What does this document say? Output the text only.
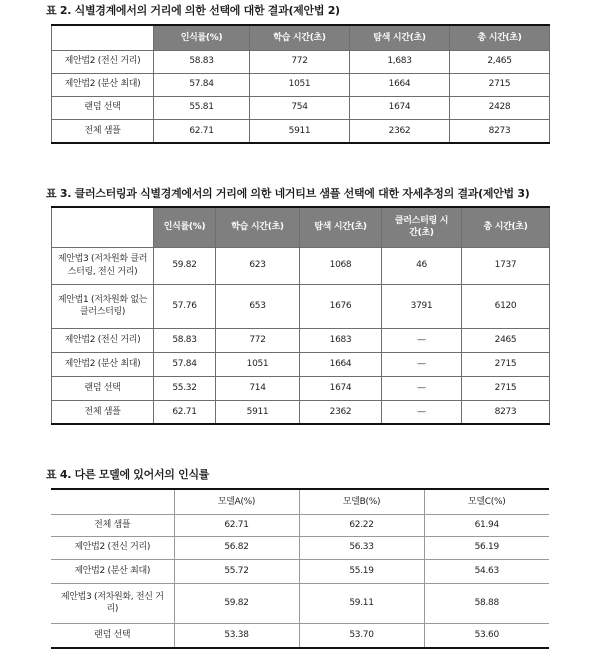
표 2. 식별경계에서의 거리에 의한 선택에 대한 결과(제안법 2)
	인식률(%)	학습 시간(초)	탐색 시간(초)	총 시간(초)
제안법2 (전신 거리)	58.83	772	1,683	2,465
제안법2 (분산 최대)	57.84	1051	1664	2715
랜덤 선택	55.81	754	1674	2428
전체 샘플	62.71	5911	2362	8273
표 3. 클러스터링과 식별경계에서의 거리에 의한 네거티브 샘플 선택에 대한 자세추정의 결과(제안법 3)
	인식률(%)	학습 시간(초)	탐색 시간(초)	클러스터링 시간(초)	총 시간(초)
제안법3 (저차원화 클러스터링, 전신 거리)	59.82	623	1068	46	1737
제안법1 (저차원화 없는 클러스터링)	57.76	653	1676	3791	6120
제안법2 (전신 거리)	58.83	772	1683	—	2465
제안법2 (분산 최대)	57.84	1051	1664	—	2715
랜덤 선택	55.32	714	1674	—	2715
전체 샘플	62.71	5911	2362	—	8273
표 4. 다른 모델에 있어서의 인식률
	모델A(%)	모델B(%)	모델C(%)
전체 샘플	62.71	62.22	61.94
제안법2 (전신 거리)	56.82	56.33	56.19
제안법2 (분산 최대)	55.72	55.19	54.63
제안법3 (저차원화, 전신 거리)	59.82	59.11	58.88
랜덤 선택	53.38	53.70	53.60
